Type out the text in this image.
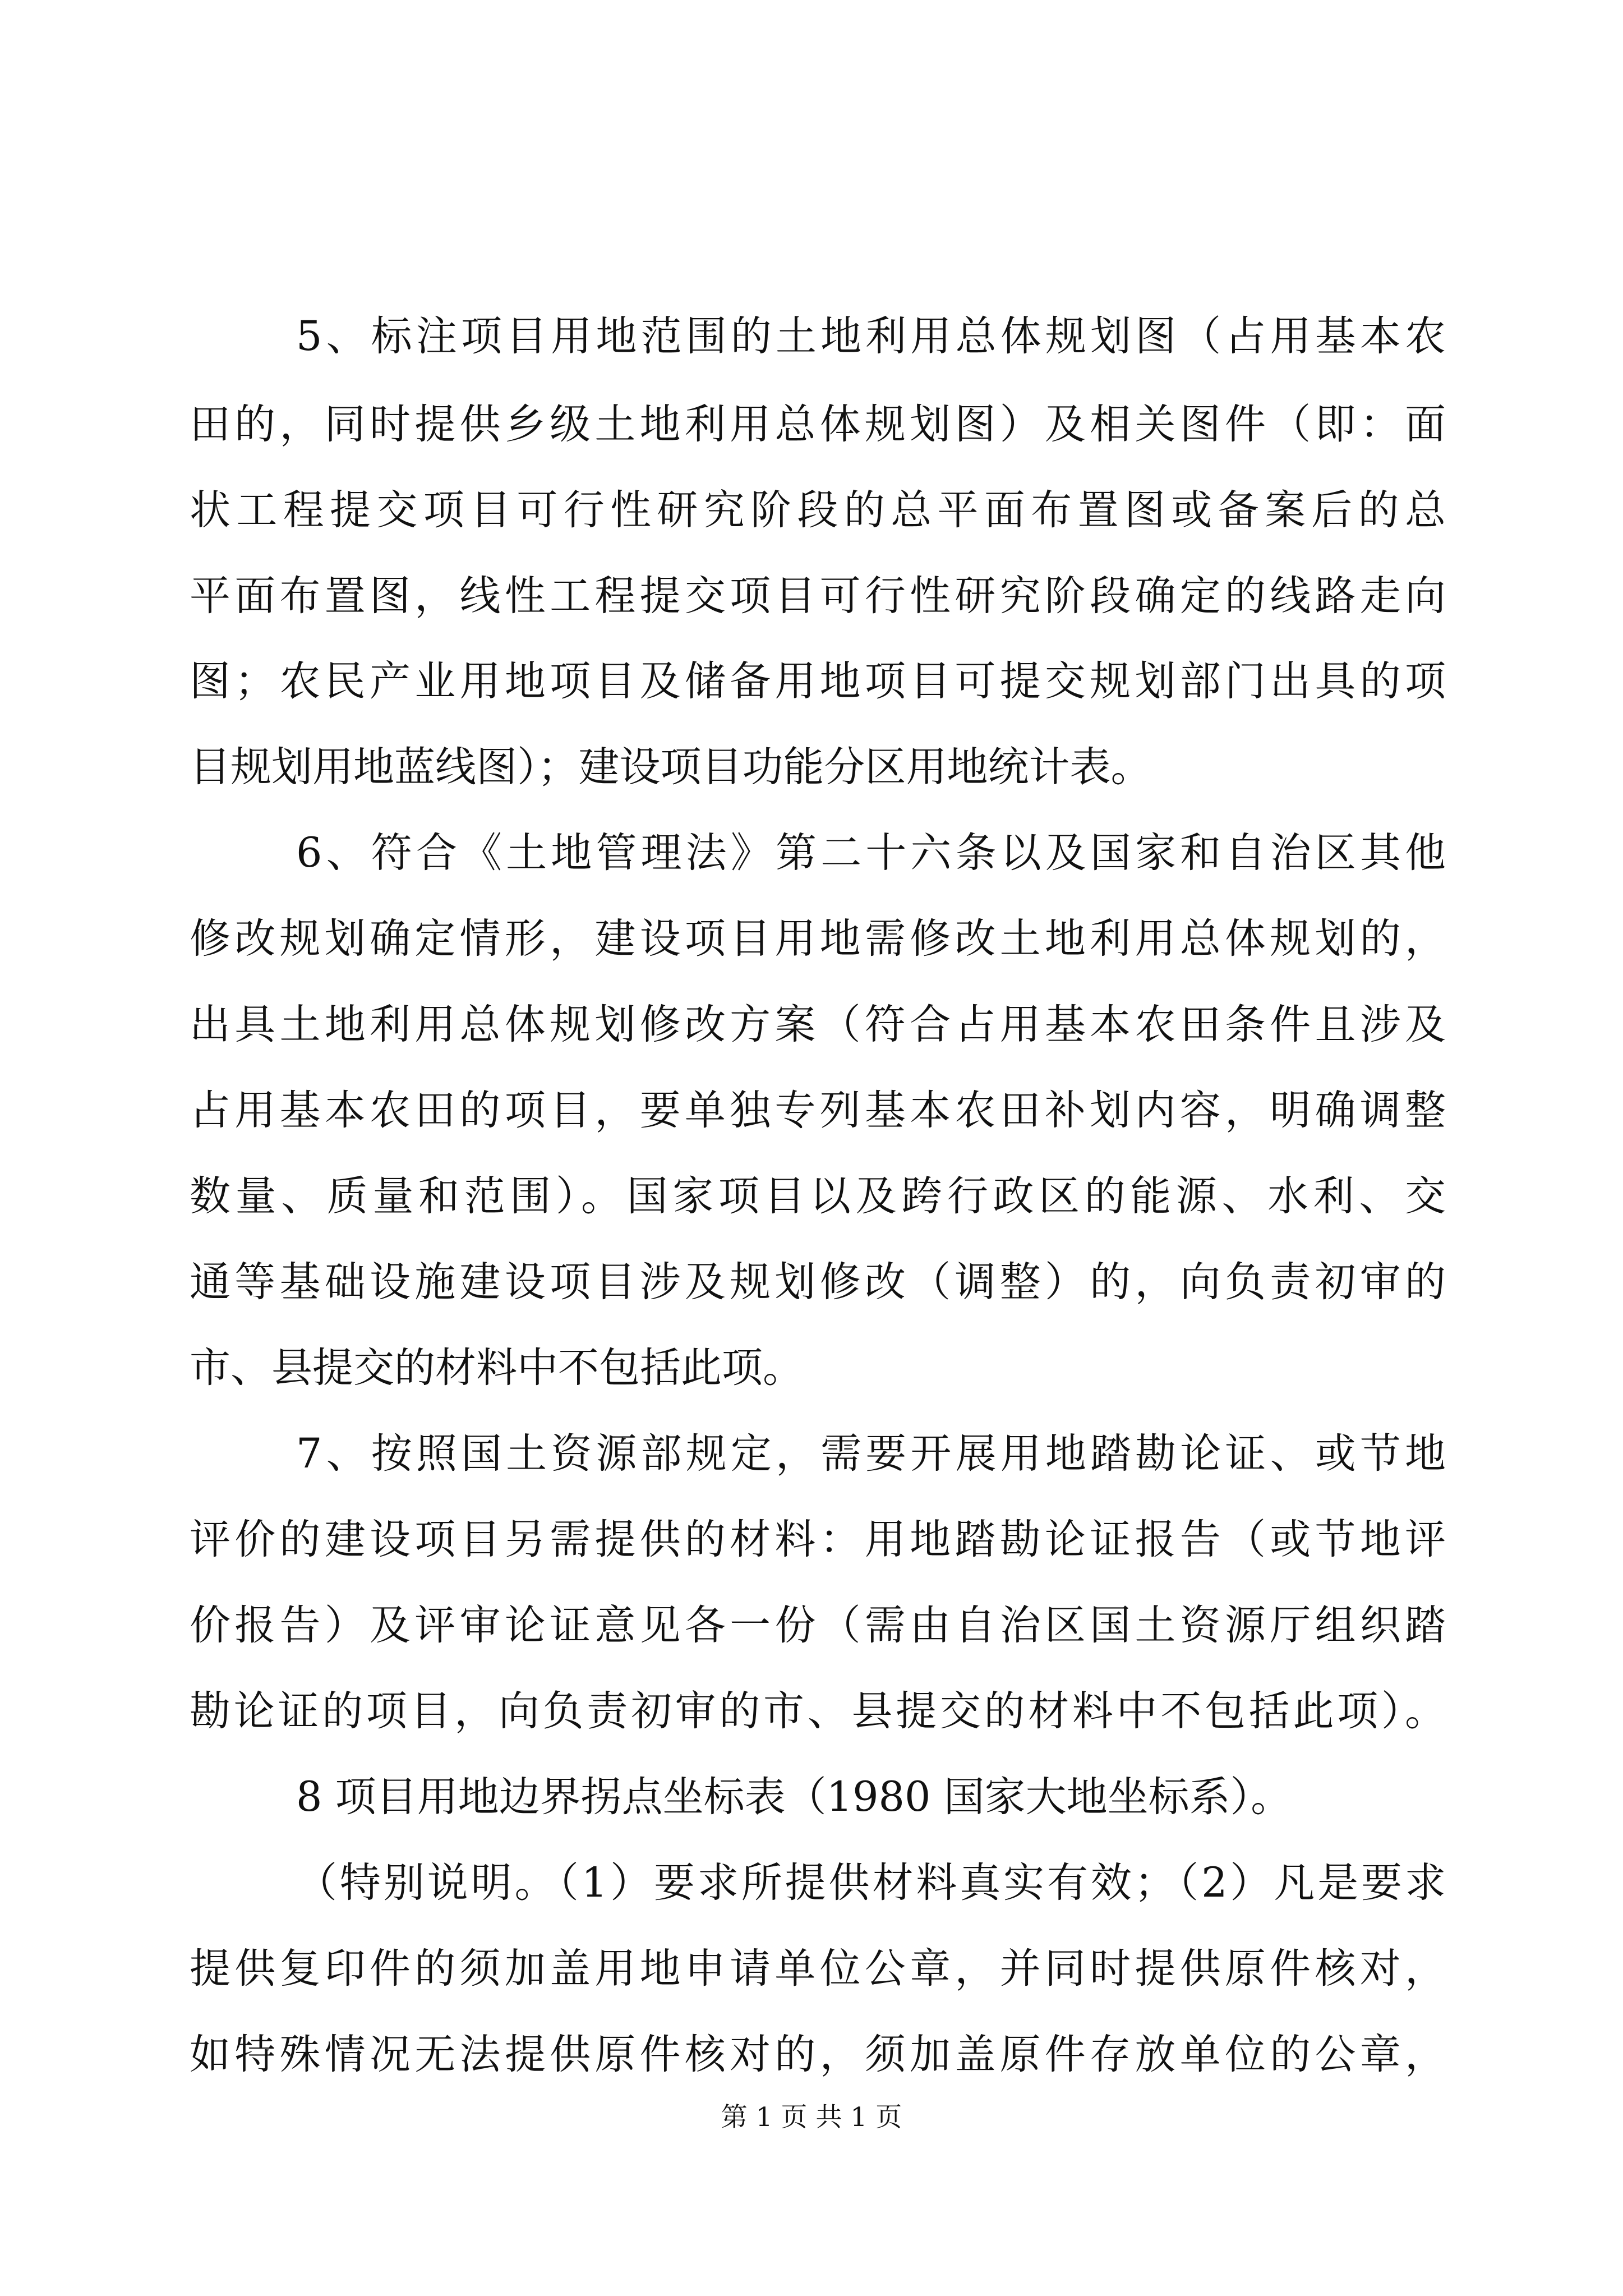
5、标注项目用地范围的土地利用总体规划图（占用基本农

田的，同时提供乡级土地利用总体规划图）及相关图件（即：面

状工程提交项目可行性研究阶段的总平面布置图或备案后的总

平面布置图，线性工程提交项目可行性研究阶段确定的线路走向

图；农民产业用地项目及储备用地项目可提交规划部门出具的项

目规划用地蓝线图）；建设项目功能分区用地统计表。

6、符合《土地管理法》第二十六条以及国家和自治区其他

修改规划确定情形，建设项目用地需修改土地利用总体规划的，

出具土地利用总体规划修改方案（符合占用基本农田条件且涉及

占用基本农田的项目，要单独专列基本农田补划内容，明确调整

数量、质量和范围）。国家项目以及跨行政区的能源、水利、交

通等基础设施建设项目涉及规划修改（调整）的，向负责初审的

市、县提交的材料中不包括此项。

7、按照国土资源部规定，需要开展用地踏勘论证、或节地

评价的建设项目另需提供的材料：用地踏勘论证报告（或节地评

价报告）及评审论证意见各一份（需由自治区国土资源厅组织踏

勘论证的项目，向负责初审的市、县提交的材料中不包括此项）。

8 项目用地边界拐点坐标表（1980 国家大地坐标系）。

（特别说明。（1）要求所提供材料真实有效；（2）凡是要求

提供复印件的须加盖用地申请单位公章，并同时提供原件核对，

如特殊情况无法提供原件核对的，须加盖原件存放单位的公章，

第 1 页 共 1 页
